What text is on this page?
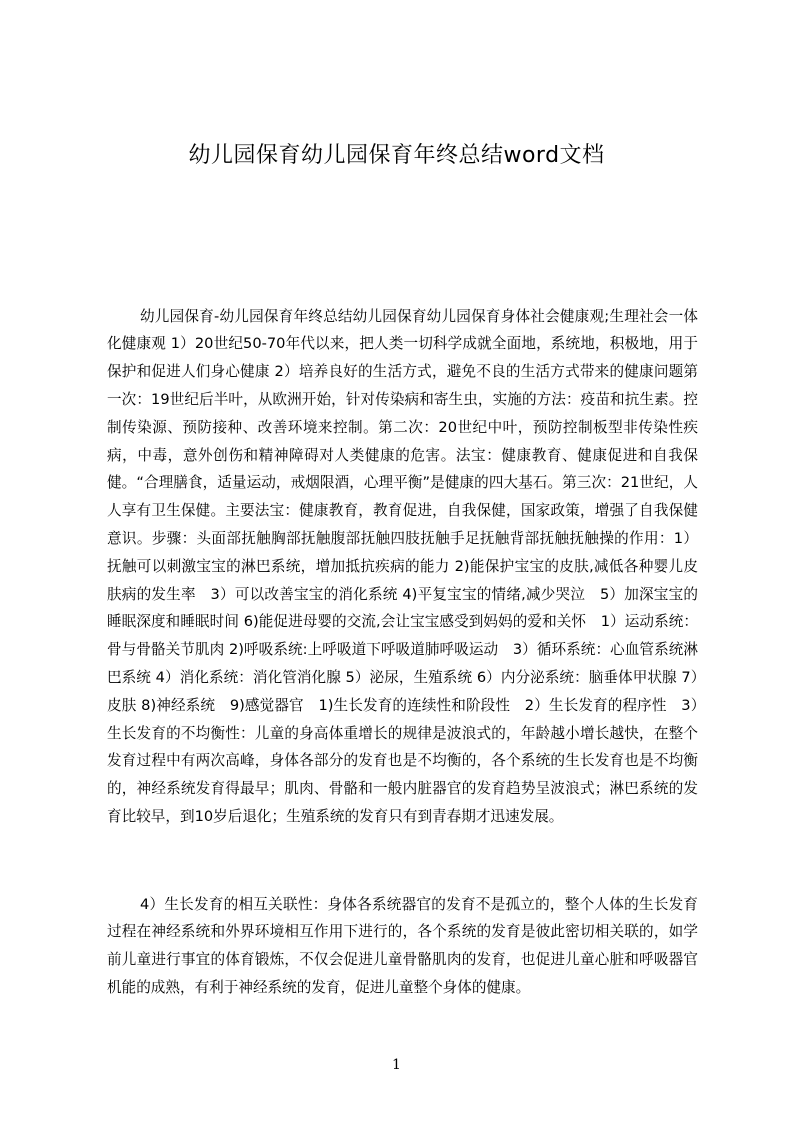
幼儿园保育幼儿园保育年终总结word文档

幼儿园保育-幼儿园保育年终总结幼儿园保育幼儿园保育身体社会健康观;生理社会一体化健康观 1）20世纪50-70年代以来，把人类一切科学成就全面地，系统地，积极地，用于保护和促进人们身心健康 2）培养良好的生活方式，避免不良的生活方式带来的健康问题第一次：19世纪后半叶，从欧洲开始，针对传染病和寄生虫，实施的方法：疫苗和抗生素。控制传染源、预防接种、改善环境来控制。第二次：20世纪中叶，预防控制板型非传染性疾病，中毒，意外创伤和精神障碍对人类健康的危害。法宝：健康教育、健康促进和自我保健。“合理膳食，适量运动，戒烟限酒，心理平衡”是健康的四大基石。第三次：21世纪，人人享有卫生保健。主要法宝：健康教育，教育促进，自我保健，国家政策，增强了自我保健意识。步骤：头面部抚触胸部抚触腹部抚触四肢抚触手足抚触背部抚触抚触操的作用：1）抚触可以刺激宝宝的淋巴系统，增加抵抗疾病的能力 2)能保护宝宝的皮肤,减低各种婴儿皮肤病的发生率　3）可以改善宝宝的消化系统 4)平复宝宝的情绪,减少哭泣　5）加深宝宝的睡眠深度和睡眠时间 6)能促进母婴的交流,会让宝宝感受到妈妈的爱和关怀　1）运动系统：骨与骨骼关节肌肉 2)呼吸系统:上呼吸道下呼吸道肺呼吸运动　3）循环系统：心血管系统淋巴系统 4）消化系统：消化管消化腺 5）泌尿，生殖系统 6）内分泌系统：脑垂体甲状腺 7）皮肤 8)神经系统　9)感觉器官　1)生长发育的连续性和阶段性　2）生长发育的程序性　3）生长发育的不均衡性：儿童的身高体重增长的规律是波浪式的，年龄越小增长越快，在整个发育过程中有两次高峰，身体各部分的发育也是不均衡的，各个系统的生长发育也是不均衡的，神经系统发育得最早；肌肉、骨骼和一般内脏器官的发育趋势呈波浪式；淋巴系统的发育比较早，到10岁后退化；生殖系统的发育只有到青春期才迅速发展。

4）生长发育的相互关联性：身体各系统器官的发育不是孤立的，整个人体的生长发育过程在神经系统和外界环境相互作用下进行的，各个系统的发育是彼此密切相关联的，如学前儿童进行事宜的体育锻炼，不仅会促进儿童骨骼肌肉的发育，也促进儿童心脏和呼吸器官机能的成熟，有利于神经系统的发育，促进儿童整个身体的健康。

1
